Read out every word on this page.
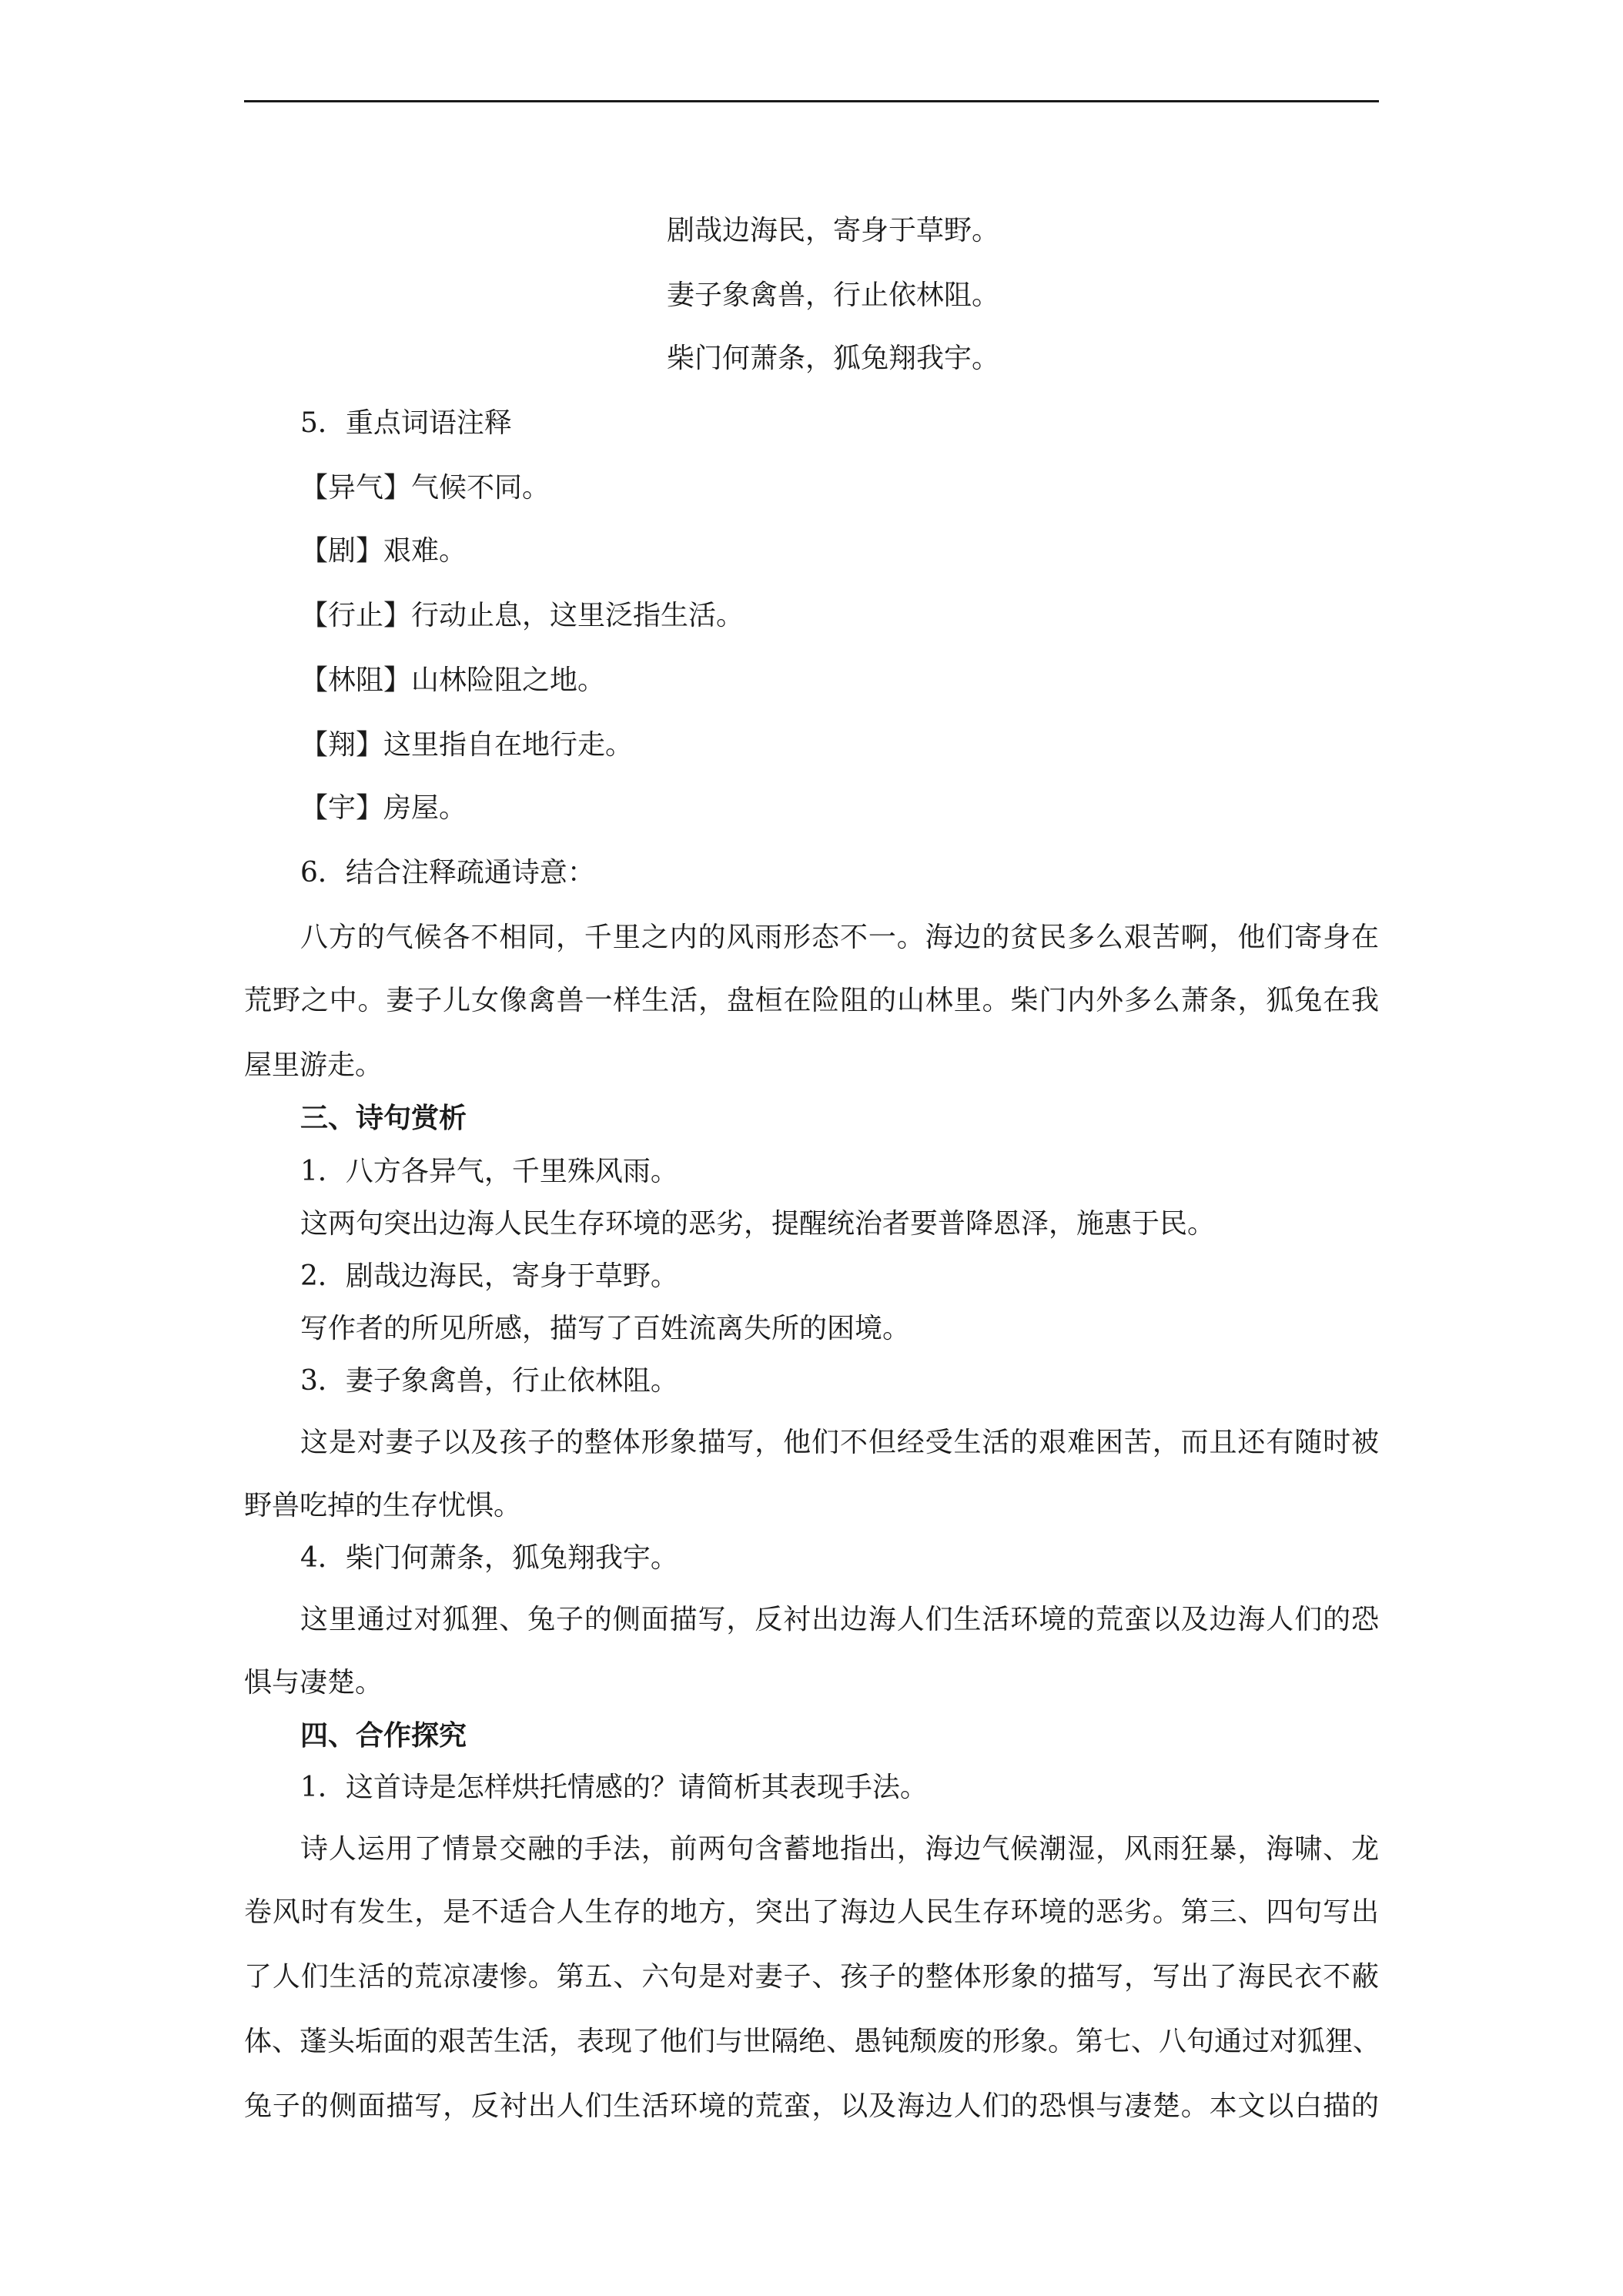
剧哉边海民，寄身于草野。
妻子象禽兽，行止依林阻。
柴门何萧条，狐兔翔我宇。
5．重点词语注释
【异气】气候不同。
【剧】艰难。
【行止】行动止息，这里泛指生活。
【林阻】山林险阻之地。
【翔】这里指自在地行走。
【宇】房屋。
6．结合注释疏通诗意：
八方的气候各不相同，千里之内的风雨形态不一。海边的贫民多么艰苦啊，他们寄身在
荒野之中。妻子儿女像禽兽一样生活，盘桓在险阻的山林里。柴门内外多么萧条，狐兔在我
屋里游走。
三、诗句赏析
1．八方各异气，千里殊风雨。
这两句突出边海人民生存环境的恶劣，提醒统治者要普降恩泽，施惠于民。
2．剧哉边海民，寄身于草野。
写作者的所见所感，描写了百姓流离失所的困境。
3．妻子象禽兽，行止依林阻。
这是对妻子以及孩子的整体形象描写，他们不但经受生活的艰难困苦，而且还有随时被
野兽吃掉的生存忧惧。
4．柴门何萧条，狐兔翔我宇。
这里通过对狐狸、兔子的侧面描写，反衬出边海人们生活环境的荒蛮以及边海人们的恐
惧与凄楚。
四、合作探究
1．这首诗是怎样烘托情感的？请简析其表现手法。
诗人运用了情景交融的手法，前两句含蓄地指出，海边气候潮湿，风雨狂暴，海啸、龙
卷风时有发生，是不适合人生存的地方，突出了海边人民生存环境的恶劣。第三、四句写出
了人们生活的荒凉凄惨。第五、六句是对妻子、孩子的整体形象的描写，写出了海民衣不蔽
体、蓬头垢面的艰苦生活，表现了他们与世隔绝、愚钝颓废的形象。第七、八句通过对狐狸、
兔子的侧面描写，反衬出人们生活环境的荒蛮，以及海边人们的恐惧与凄楚。本文以白描的
